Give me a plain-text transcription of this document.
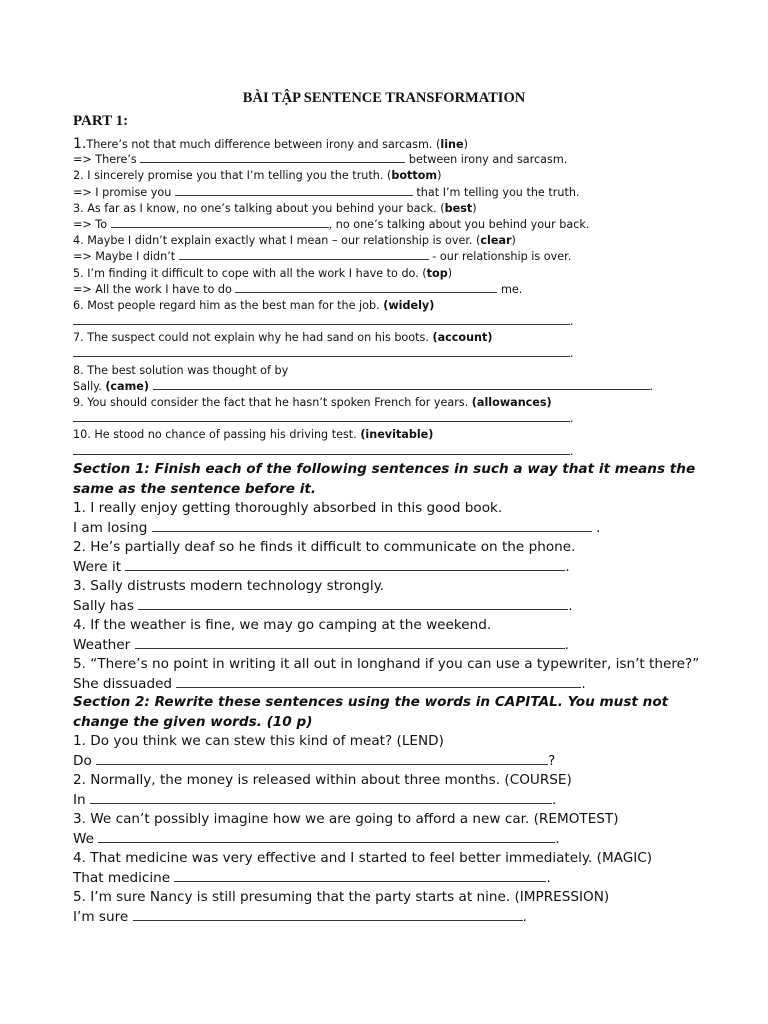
BÀI TẬP SENTENCE TRANSFORMATION
PART 1:
1.There’s not that much difference between irony and sarcasm. (line)
=> There’s	between irony and sarcasm.
2. I sincerely promise you that I’m telling you the truth. (bottom)
=> I promise you	that I’m telling you the truth.
3. As far as I know, no one’s talking about you behind your back. (best)
=> To	, no one’s talking about you behind your back.
4. Maybe I didn’t explain exactly what I mean – our relationship is over. (clear)
=> Maybe I didn’t	- our relationship is over.
5. I’m finding it difficult to cope with all the work I have to do. (top)
=> All the work I have to do	me.
6. Most people regard him as the best man for the job. (widely)
.
7. The suspect could not explain why he had sand on his boots. (account)
.
8. The best solution was thought of by
Sally. (came)	.
9. You should consider the fact that he hasn’t spoken French for years. (allowances)
.
10. He stood no chance of passing his driving test. (inevitable)
.
Section 1: Finish each of the following sentences in such a way that it means the same as the sentence before it.
1. I really enjoy getting thoroughly absorbed in this good book.
I am losing	.
2. He’s partially deaf so he finds it difficult to communicate on the phone.
Were it	.
3. Sally distrusts modern technology strongly.
Sally has	.
4. If the weather is fine, we may go camping at the weekend.
Weather	.
5. “There’s no point in writing it all out in longhand if you can use a typewriter, isn’t there?”
She dissuaded	.
Section 2: Rewrite these sentences using the words in CAPITAL. You must not change the given words. (10 p)
1. Do you think we can stew this kind of meat? (LEND)
Do	?
2. Normally, the money is released within about three months. (COURSE)
In	.
3. We can’t possibly imagine how we are going to afford a new car. (REMOTEST)
We	.
4. That medicine was very effective and I started to feel better immediately. (MAGIC)
That medicine	.
5. I’m sure Nancy is still presuming that the party starts at nine. (IMPRESSION)
I’m sure	.
